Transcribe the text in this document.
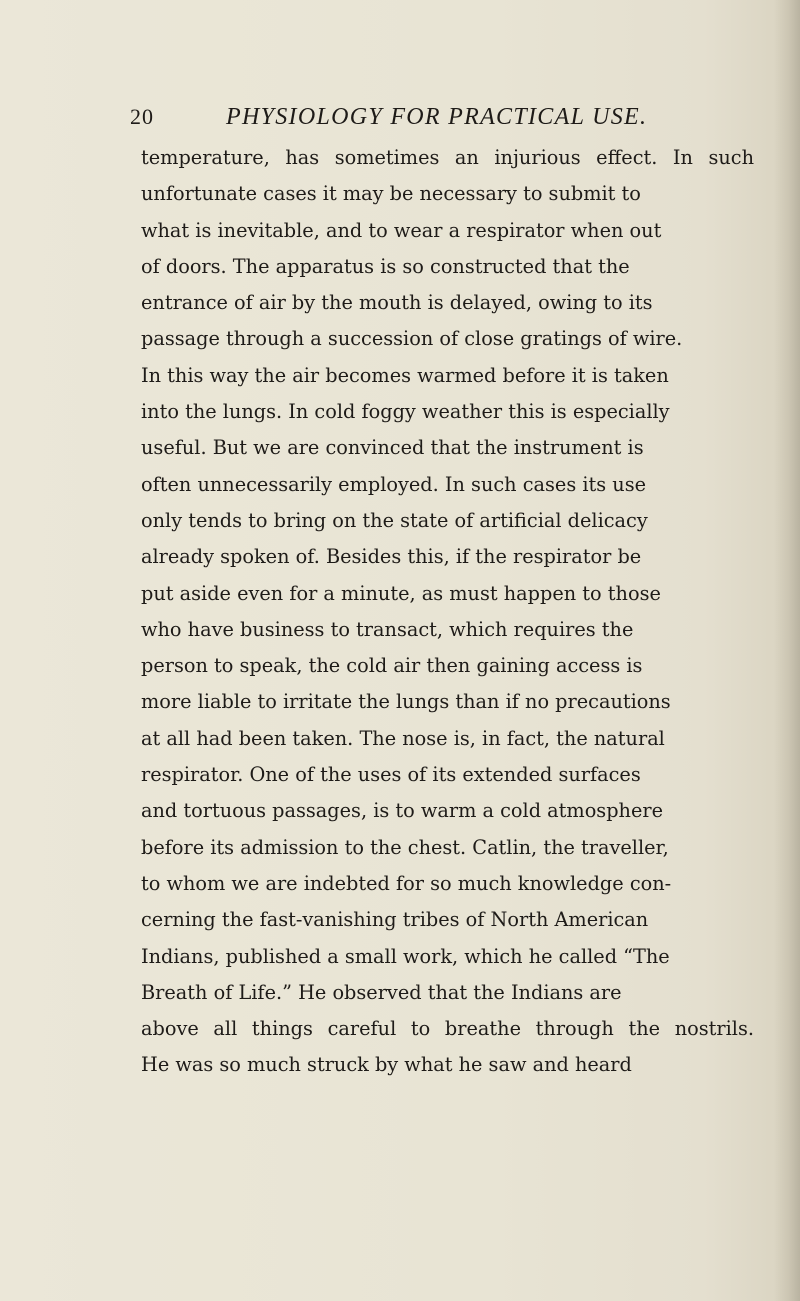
20	PHYSIOLOGY FOR PRACTICAL USE.
temperature, has sometimes an injurious effect. In such
unfortunate cases it may be necessary to submit to
what is inevitable, and to wear a respirator when out
of doors. The apparatus is so constructed that the
entrance of air by the mouth is delayed, owing to its
passage through a succession of close gratings of wire.
In this way the air becomes warmed before it is taken
into the lungs. In cold foggy weather this is especially
useful. But we are convinced that the instrument is
often unnecessarily employed. In such cases its use
only tends to bring on the state of artificial delicacy
already spoken of. Besides this, if the respirator be
put aside even for a minute, as must happen to those
who have business to transact, which requires the
person to speak, the cold air then gaining access is
more liable to irritate the lungs than if no precautions
at all had been taken. The nose is, in fact, the natural
respirator. One of the uses of its extended surfaces
and tortuous passages, is to warm a cold atmosphere
before its admission to the chest. Catlin, the traveller,
to whom we are indebted for so much knowledge con-
cerning the fast-vanishing tribes of North American
Indians, published a small work, which he called “The
Breath of Life.” He observed that the Indians are
above all things careful to breathe through the nostrils.
He was so much struck by what he saw and heard
